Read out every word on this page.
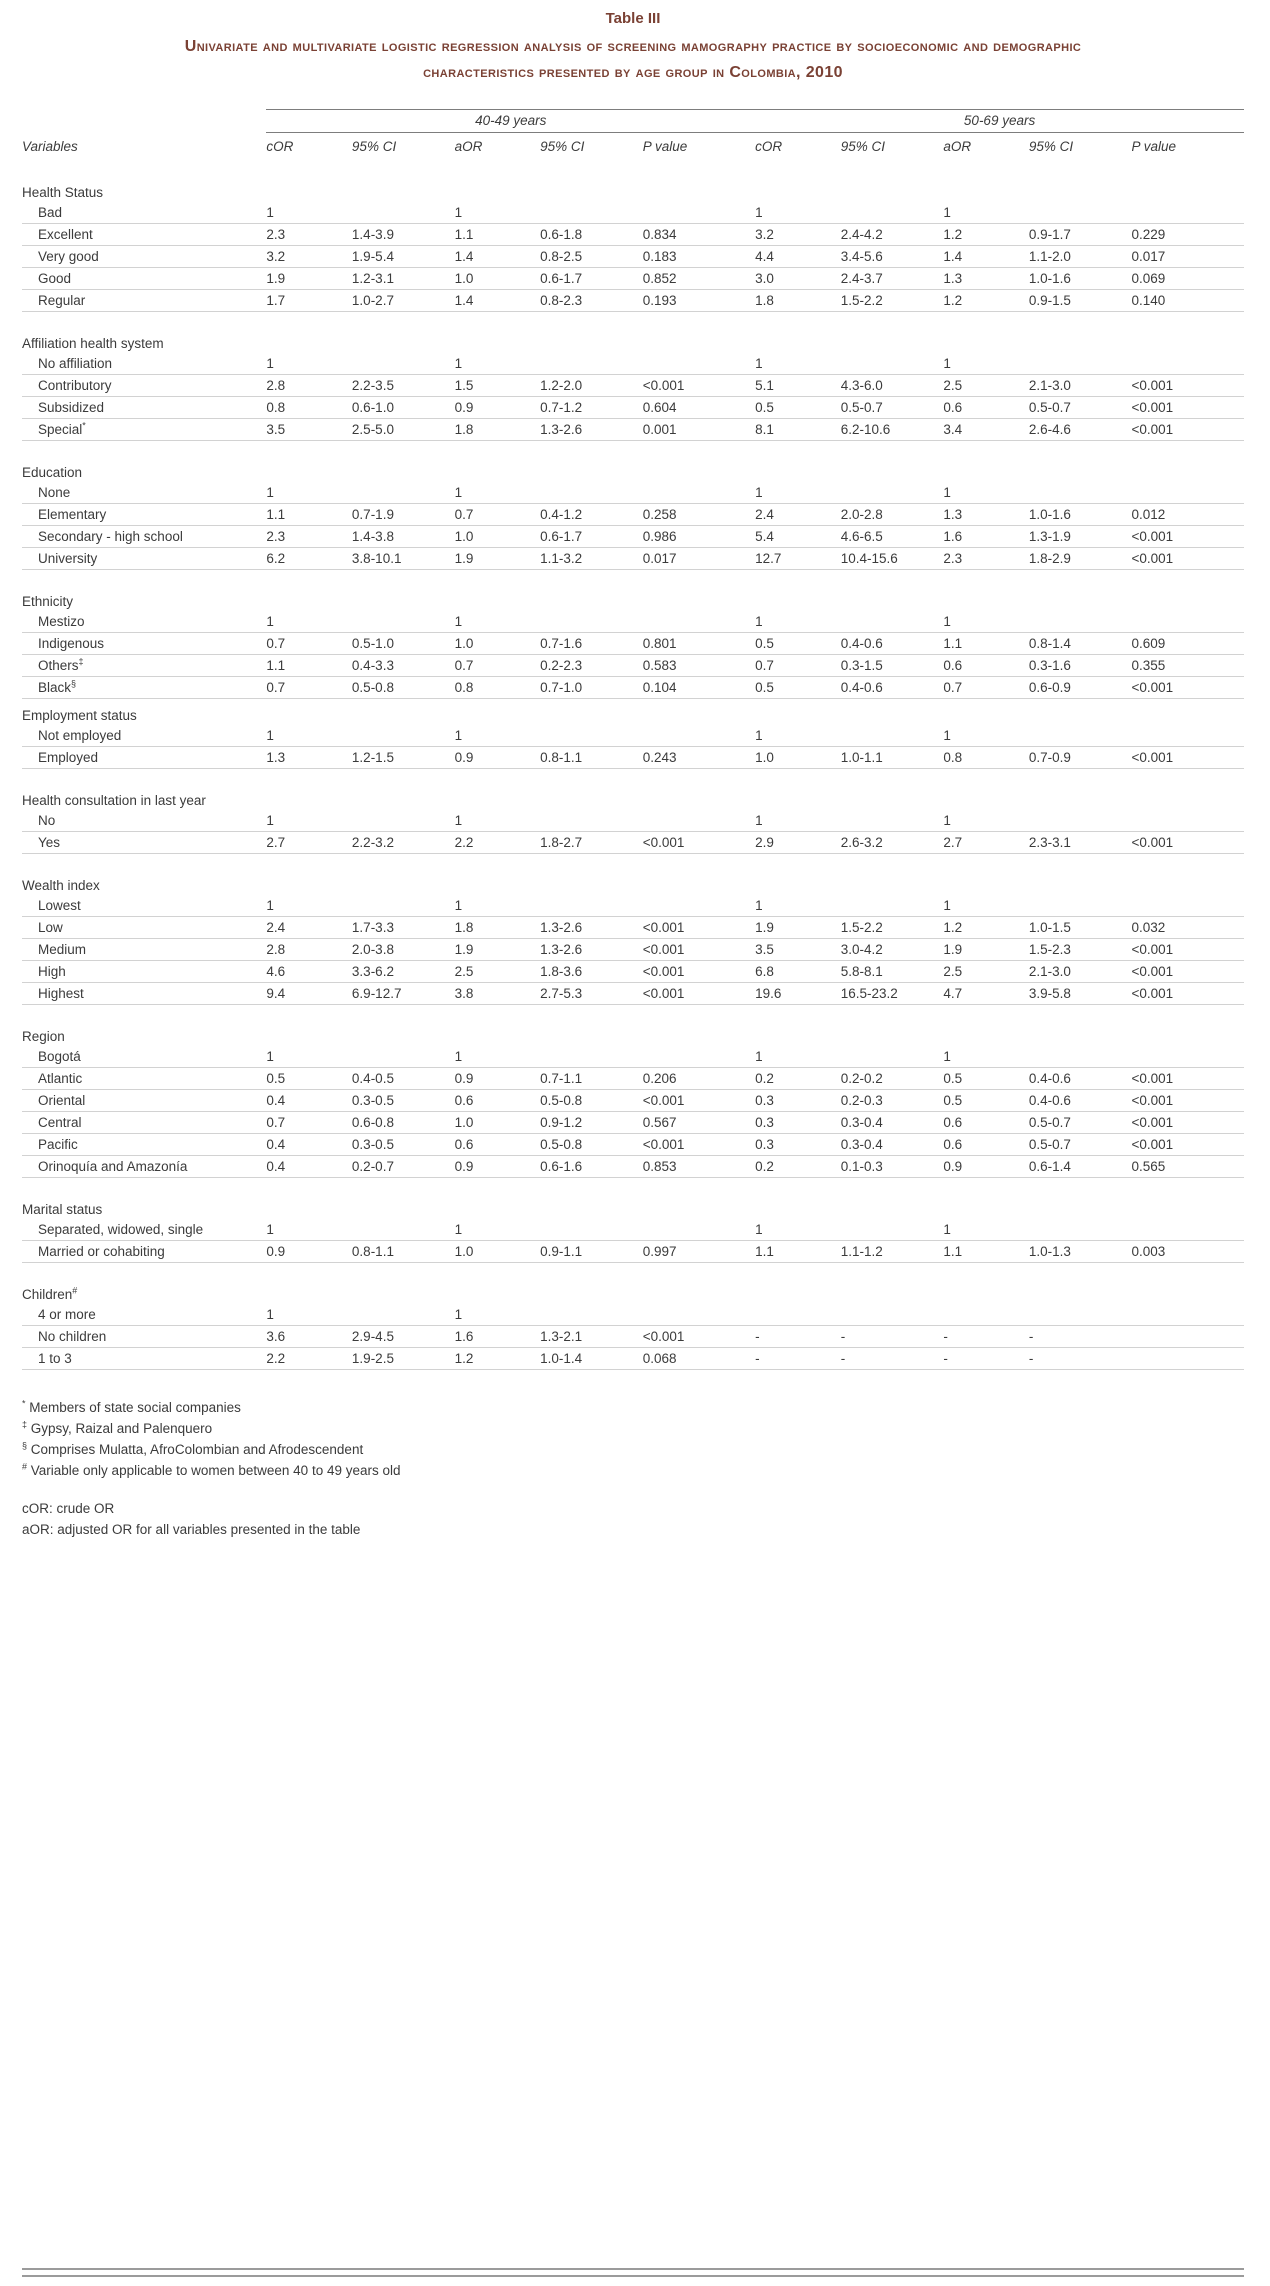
Table III
Univariate and multivariate logistic regression analysis of screening mamography practice by socioeconomic and demographic characteristics presented by age group in Colombia, 2010
	40-49 years					50-69 years				
Variables	cOR	95% CI	aOR	95% CI	P value	cOR	95% CI	aOR	95% CI	P value

Health Status										
Bad	1		1			1		1		
Excellent	2.3	1.4-3.9	1.1	0.6-1.8	0.834	3.2	2.4-4.2	1.2	0.9-1.7	0.229
Very good	3.2	1.9-5.4	1.4	0.8-2.5	0.183	4.4	3.4-5.6	1.4	1.1-2.0	0.017
Good	1.9	1.2-3.1	1.0	0.6-1.7	0.852	3.0	2.4-3.7	1.3	1.0-1.6	0.069
Regular	1.7	1.0-2.7	1.4	0.8-2.3	0.193	1.8	1.5-2.2	1.2	0.9-1.5	0.140

Affiliation health system										
No affiliation	1		1			1		1		
Contributory	2.8	2.2-3.5	1.5	1.2-2.0	<0.001	5.1	4.3-6.0	2.5	2.1-3.0	<0.001
Subsidized	0.8	0.6-1.0	0.9	0.7-1.2	0.604	0.5	0.5-0.7	0.6	0.5-0.7	<0.001
Special*	3.5	2.5-5.0	1.8	1.3-2.6	0.001	8.1	6.2-10.6	3.4	2.6-4.6	<0.001

Education										
None	1		1			1		1		
Elementary	1.1	0.7-1.9	0.7	0.4-1.2	0.258	2.4	2.0-2.8	1.3	1.0-1.6	0.012
Secondary - high school	2.3	1.4-3.8	1.0	0.6-1.7	0.986	5.4	4.6-6.5	1.6	1.3-1.9	<0.001
University	6.2	3.8-10.1	1.9	1.1-3.2	0.017	12.7	10.4-15.6	2.3	1.8-2.9	<0.001

Ethnicity										
Mestizo	1		1			1		1		
Indigenous	0.7	0.5-1.0	1.0	0.7-1.6	0.801	0.5	0.4-0.6	1.1	0.8-1.4	0.609
Others‡	1.1	0.4-3.3	0.7	0.2-2.3	0.583	0.7	0.3-1.5	0.6	0.3-1.6	0.355
Black§	0.7	0.5-0.8	0.8	0.7-1.0	0.104	0.5	0.4-0.6	0.7	0.6-0.9	<0.001
Employment status										
Not employed	1		1			1		1		
Employed	1.3	1.2-1.5	0.9	0.8-1.1	0.243	1.0	1.0-1.1	0.8	0.7-0.9	<0.001

Health consultation in last year										
No	1		1			1		1		
Yes	2.7	2.2-3.2	2.2	1.8-2.7	<0.001	2.9	2.6-3.2	2.7	2.3-3.1	<0.001

Wealth index										
Lowest	1		1			1		1		
Low	2.4	1.7-3.3	1.8	1.3-2.6	<0.001	1.9	1.5-2.2	1.2	1.0-1.5	0.032
Medium	2.8	2.0-3.8	1.9	1.3-2.6	<0.001	3.5	3.0-4.2	1.9	1.5-2.3	<0.001
High	4.6	3.3-6.2	2.5	1.8-3.6	<0.001	6.8	5.8-8.1	2.5	2.1-3.0	<0.001
Highest	9.4	6.9-12.7	3.8	2.7-5.3	<0.001	19.6	16.5-23.2	4.7	3.9-5.8	<0.001

Region										
Bogotá	1		1			1		1		
Atlantic	0.5	0.4-0.5	0.9	0.7-1.1	0.206	0.2	0.2-0.2	0.5	0.4-0.6	<0.001
Oriental	0.4	0.3-0.5	0.6	0.5-0.8	<0.001	0.3	0.2-0.3	0.5	0.4-0.6	<0.001
Central	0.7	0.6-0.8	1.0	0.9-1.2	0.567	0.3	0.3-0.4	0.6	0.5-0.7	<0.001
Pacific	0.4	0.3-0.5	0.6	0.5-0.8	<0.001	0.3	0.3-0.4	0.6	0.5-0.7	<0.001
Orinoquía and Amazonía	0.4	0.2-0.7	0.9	0.6-1.6	0.853	0.2	0.1-0.3	0.9	0.6-1.4	0.565

Marital status										
Separated, widowed, single	1		1			1		1		
Married or cohabiting	0.9	0.8-1.1	1.0	0.9-1.1	0.997	1.1	1.1-1.2	1.1	1.0-1.3	0.003

Children#
4 or more	1		1							
No children	3.6	2.9-4.5	1.6	1.3-2.1	<0.001	-	-	-	-	
1 to 3	2.2	1.9-2.5	1.2	1.0-1.4	0.068	-	-	-	-	
* Members of state social companies
‡ Gypsy, Raizal and Palenquero
§ Comprises Mulatta, AfroColombian and Afrodescendent
# Variable only applicable to women between 40 to 49 years old
cOR: crude OR
aOR: adjusted OR for all variables presented in the table
